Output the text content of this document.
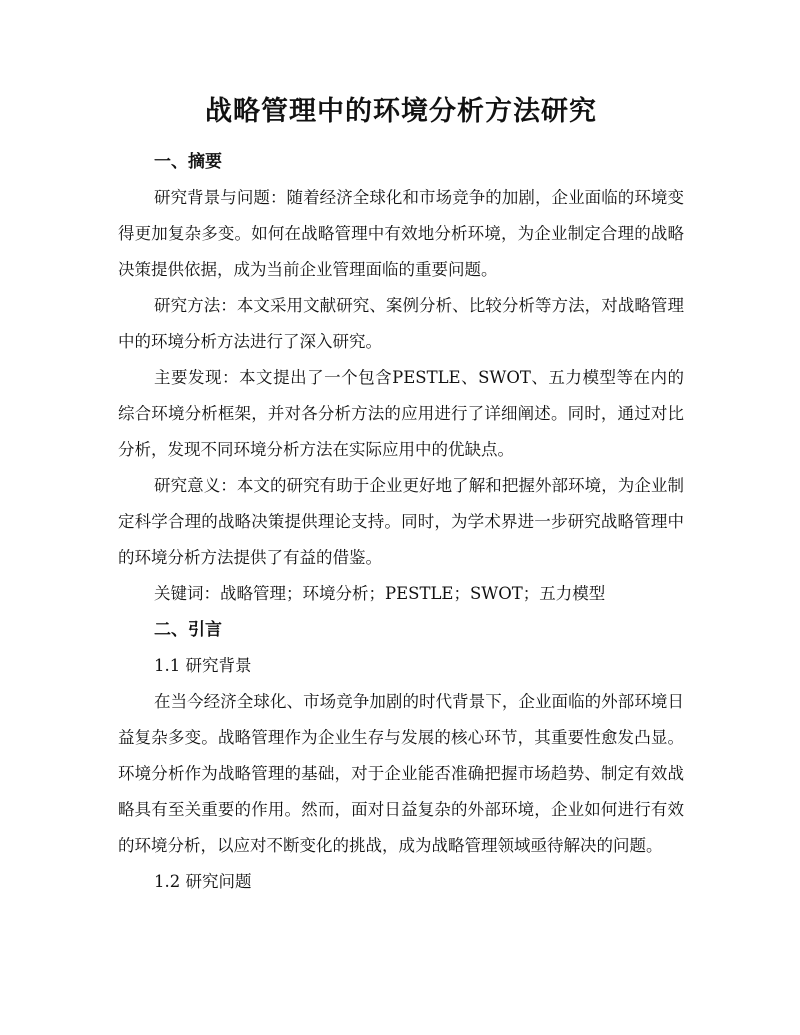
战略管理中的环境分析方法研究
一、摘要

研究背景与问题：随着经济全球化和市场竞争的加剧，企业面临的环境变得更加复杂多变。如何在战略管理中有效地分析环境，为企业制定合理的战略决策提供依据，成为当前企业管理面临的重要问题。

研究方法：本文采用文献研究、案例分析、比较分析等方法，对战略管理中的环境分析方法进行了深入研究。

主要发现：本文提出了一个包含PESTLE、SWOT、五力模型等在内的综合环境分析框架，并对各分析方法的应用进行了详细阐述。同时，通过对比分析，发现不同环境分析方法在实际应用中的优缺点。

研究意义：本文的研究有助于企业更好地了解和把握外部环境，为企业制定科学合理的战略决策提供理论支持。同时，为学术界进一步研究战略管理中的环境分析方法提供了有益的借鉴。

关键词：战略管理；环境分析；PESTLE；SWOT；五力模型

二、引言

1.1 研究背景

在当今经济全球化、市场竞争加剧的时代背景下，企业面临的外部环境日益复杂多变。战略管理作为企业生存与发展的核心环节，其重要性愈发凸显。环境分析作为战略管理的基础，对于企业能否准确把握市场趋势、制定有效战略具有至关重要的作用。然而，面对日益复杂的外部环境，企业如何进行有效的环境分析，以应对不断变化的挑战，成为战略管理领域亟待解决的问题。

1.2 研究问题
